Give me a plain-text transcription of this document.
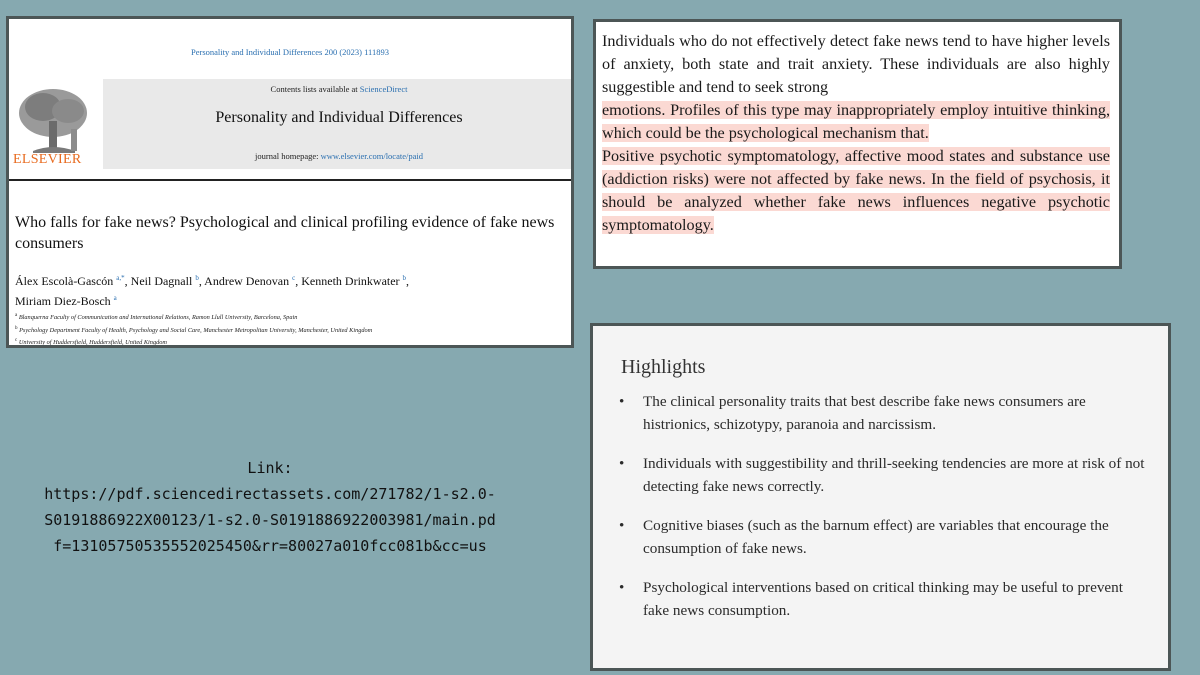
Personality and Individual Differences 200 (2023) 111893
ELSEVIER
Contents lists available at ScienceDirect
Personality and Individual Differences
journal homepage: www.elsevier.com/locate/paid
Who falls for fake news? Psychological and clinical profiling evidence of fake news consumers
Álex Escolà-Gascón $^{a,*}$, Neil Dagnall $^b$, Andrew Denovan $^c$, Kenneth Drinkwater $^b$,
Miriam Diez-Bosch $^a$
$^a$ Blanquerna Faculty of Communication and International Relations, Ramon Llull University, Barcelona, Spain
$^b$ Psychology Department Faculty of Health, Psychology and Social Care, Manchester Metropolitan University, Manchester, United Kingdom
$^c$ University of Huddersfield, Huddersfield, United Kingdom

Individuals who do not effectively detect fake news tend to have higher levels of anxiety, both state and trait anxiety. These individuals are also highly suggestible and tend to seek strong

emotions. Profiles of this type may inappropriately employ intuitive thinking, which could be the psychological mechanism that.

Positive psychotic symptomatology, affective mood states and substance use (addiction risks) were not affected by fake news. In the field of psychosis, it should be analyzed whether fake news influences negative psychotic symptomatology.

Highlights
• The clinical personality traits that best describe fake news consumers are histrionics, schizotypy, paranoia and narcissism.
• Individuals with suggestibility and thrill-seeking tendencies are more at risk of not detecting fake news correctly.
• Cognitive biases (such as the barnum effect) are variables that encourage the consumption of fake news.
• Psychological interventions based on critical thinking may be useful to prevent fake news consumption.
Link:
https://pdf.sciencedirectassets.com/271782/1-s2.0-S0191886922X00123/1-s2.0-S0191886922003981/main.pdf=13105750535552025450&rr=80027a010fcc081b&cc=us
